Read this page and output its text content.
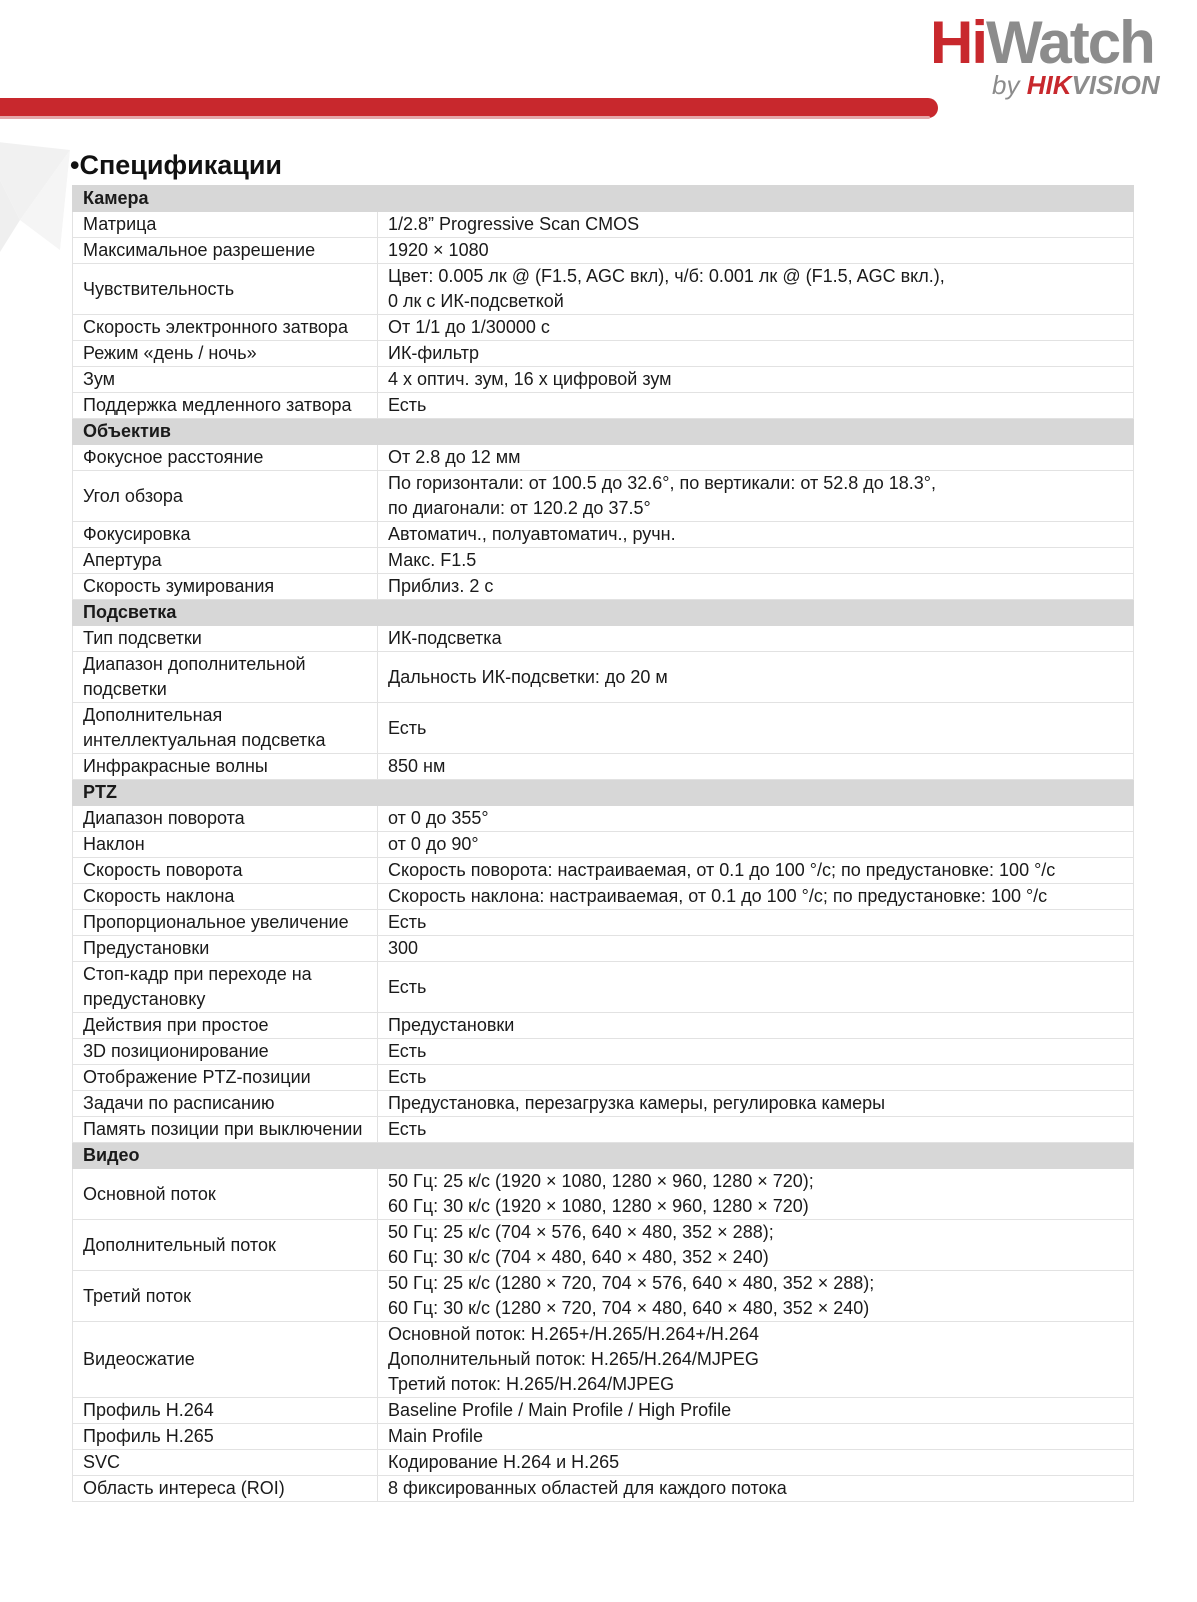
HiWatch
by HIKVISION
•Спецификации
Камера	
Матрица	1/2.8” Progressive Scan CMOS

Максимальное разрешение	1920 × 1080

Чувствительность	Цвет: 0.005 лк @ (F1.5, AGC вкл), ч/б: 0.001 лк @ (F1.5, AGC вкл.),
0 лк с ИК-подсветкой

Скорость электронного затвора	От 1/1 до 1/30000 с

Режим «день / ночь»	ИК-фильтр

Зум	4 х оптич. зум, 16 х цифровой зум

Поддержка медленного затвора	Есть

Объектив	
Фокусное расстояние	От 2.8 до 12 мм

Угол обзора	По горизонтали: от 100.5 до 32.6°, по вертикали: от 52.8 до 18.3°,
по диагонали: от 120.2 до 37.5°

Фокусировка	Автоматич., полуавтоматич., ручн.

Апертура	Макс. F1.5

Скорость зумирования	Приблиз. 2 с

Подсветка	
Тип подсветки	ИК-подсветка

Диапазон дополнительной подсветки	Дальность ИК-подсветки: до 20 м

Дополнительная интеллектуальная подсветка	Есть

Инфракрасные волны	850 нм

PTZ	
Диапазон поворота	от 0 до 355°

Наклон	от 0 до 90°

Скорость поворота	Скорость поворота: настраиваемая, от 0.1 до 100 °/с; по предустановке: 100 °/с

Скорость наклона	Скорость наклона: настраиваемая, от 0.1 до 100 °/с; по предустановке: 100 °/с

Пропорциональное увеличение	Есть

Предустановки	300

Стоп-кадр при переходе на предустановку	Есть

Действия при простое	Предустановки

3D позиционирование	Есть

Отображение PTZ-позиции	Есть

Задачи по расписанию	Предустановка, перезагрузка камеры, регулировка камеры

Память позиции при выключении	Есть

Видео	
Основной поток	50 Гц: 25 к/с (1920 × 1080, 1280 × 960, 1280 × 720);
60 Гц: 30 к/с (1920 × 1080, 1280 × 960, 1280 × 720)

Дополнительный поток	50 Гц: 25 к/с (704 × 576, 640 × 480, 352 × 288);
60 Гц: 30 к/с (704 × 480, 640 × 480, 352 × 240)

Третий поток	50 Гц: 25 к/с (1280 × 720, 704 × 576, 640 × 480, 352 × 288);
60 Гц: 30 к/с (1280 × 720, 704 × 480, 640 × 480, 352 × 240)

Видеосжатие	Основной поток: H.265+/H.265/H.264+/H.264
Дополнительный поток: H.265/H.264/MJPEG
Третий поток: H.265/H.264/MJPEG

Профиль H.264	Baseline Profile / Main Profile / High Profile

Профиль H.265	Main Profile

SVC	Кодирование H.264 и H.265

Область интереса (ROI)	8 фиксированных областей для каждого потока
